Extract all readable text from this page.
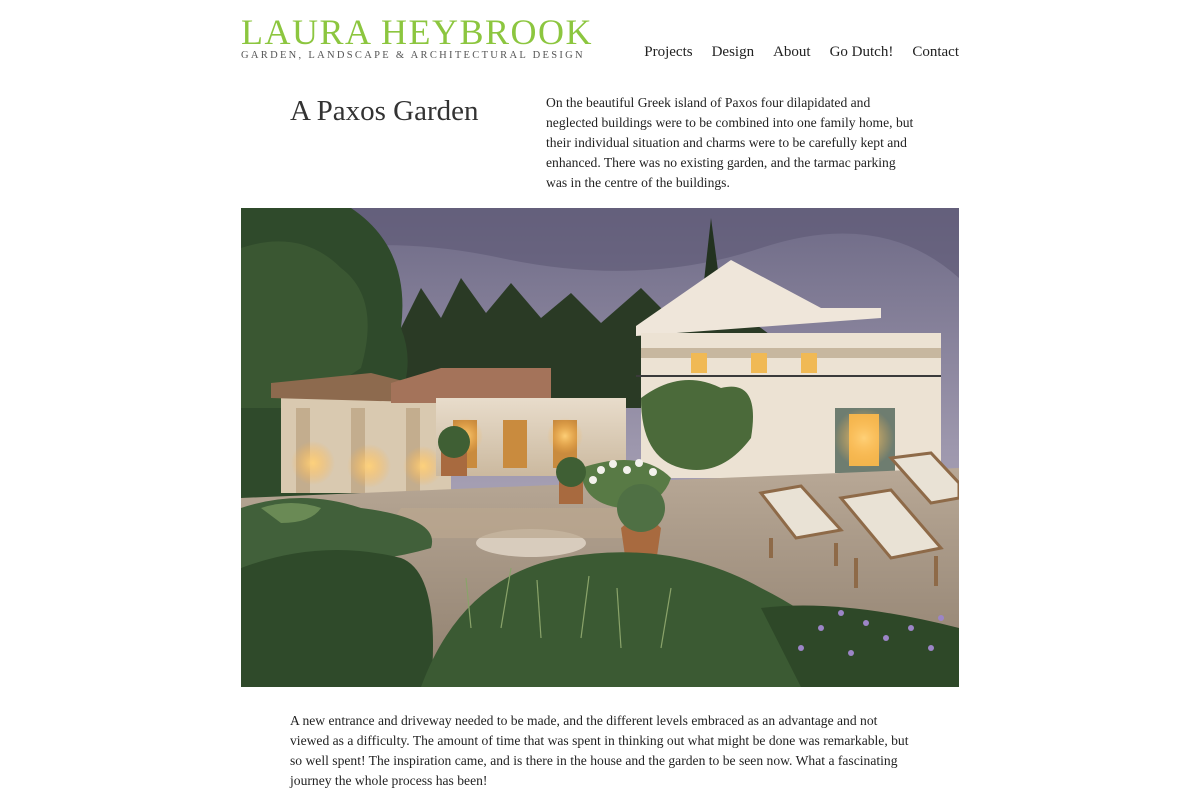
LAURA HEYBROOK
GARDEN, LANDSCAPE & ARCHITECTURAL DESIGN	Projects Design About Go Dutch! Contact
A Paxos Garden	On the beautiful Greek island of Paxos four dilapidated and neglected buildings were to be combined into one family home, but their individual situation and charms were to be carefully kept and enhanced. There was no existing garden, and the tarmac parking was in the centre of the buildings.

A new entrance and driveway needed to be made, and the different levels embraced as an advantage and not viewed as a difficulty. The amount of time that was spent in thinking out what might be done was remarkable, but so well spent! The inspiration came, and is there in the house and the garden to be seen now. What a fascinating journey the whole process has been!
